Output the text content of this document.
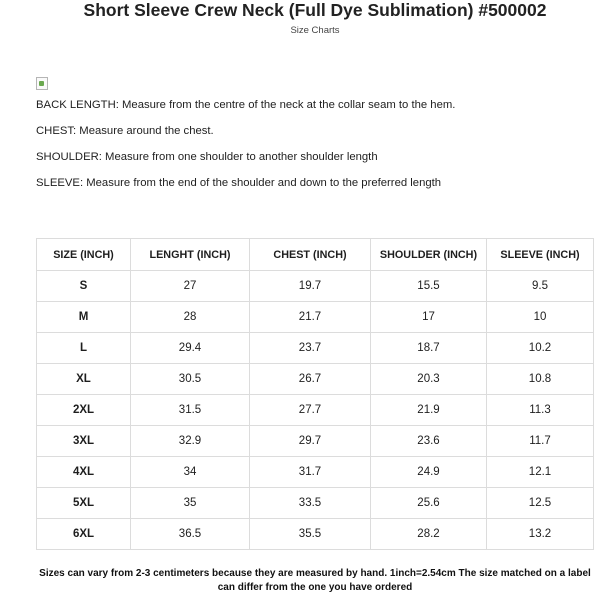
Short Sleeve Crew Neck (Full Dye Sublimation) #500002
Size Charts
BACK LENGTH: Measure from the centre of the neck at the collar seam to the hem.
CHEST: Measure around the chest.
SHOULDER: Measure from one shoulder to another shoulder length
SLEEVE: Measure from the end of the shoulder and down to the preferred length
SIZE (INCH)	LENGHT (INCH)	CHEST (INCH)	SHOULDER (INCH)	SLEEVE (INCH)
S	27	19.7	15.5	9.5
M	28	21.7	17	10
L	29.4	23.7	18.7	10.2
XL	30.5	26.7	20.3	10.8
2XL	31.5	27.7	21.9	11.3
3XL	32.9	29.7	23.6	11.7
4XL	34	31.7	24.9	12.1
5XL	35	33.5	25.6	12.5
6XL	36.5	35.5	28.2	13.2
Sizes can vary from 2-3 centimeters because they are measured by hand. 1inch=2.54cm The size matched on a label can differ from the one you have ordered
